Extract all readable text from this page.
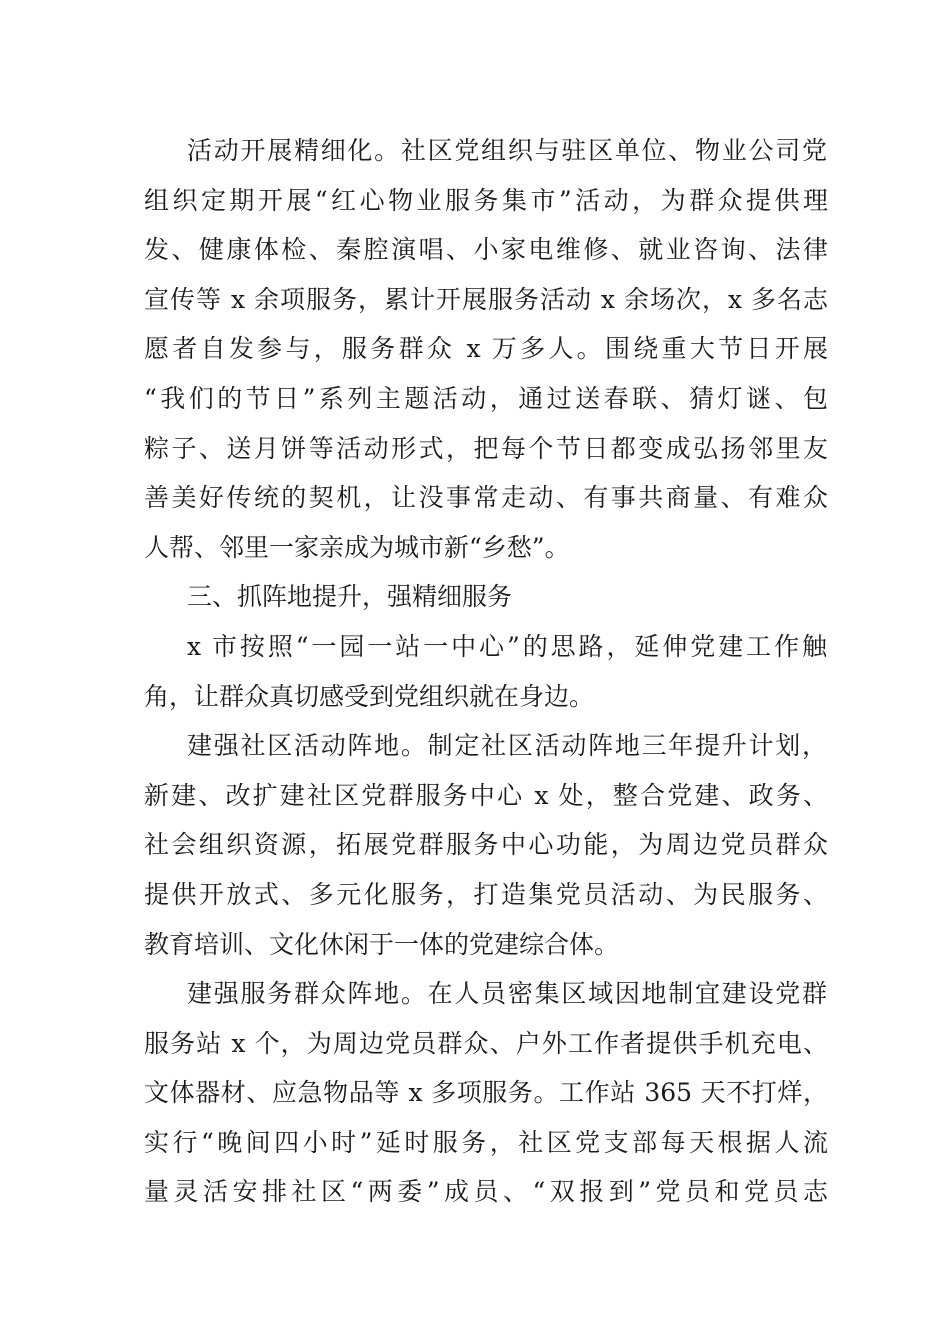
活动开展精细化。社区党组织与驻区单位、物业公司党
组织定期开展“红心物业服务集市”活动，为群众提供理
发、健康体检、秦腔演唱、小家电维修、就业咨询、法律
宣传等 x 余项服务，累计开展服务活动 x 余场次，x 多名志
愿者自发参与，服务群众 x 万多人。围绕重大节日开展
“我们的节日”系列主题活动，通过送春联、猜灯谜、包
粽子、送月饼等活动形式，把每个节日都变成弘扬邻里友
善美好传统的契机，让没事常走动、有事共商量、有难众
人帮、邻里一家亲成为城市新“乡愁”。
三、抓阵地提升，强精细服务
x 市按照“一园一站一中心”的思路，延伸党建工作触
角，让群众真切感受到党组织就在身边。
建强社区活动阵地。制定社区活动阵地三年提升计划，
新建、改扩建社区党群服务中心 x 处，整合党建、政务、
社会组织资源，拓展党群服务中心功能，为周边党员群众
提供开放式、多元化服务，打造集党员活动、为民服务、
教育培训、文化休闲于一体的党建综合体。
建强服务群众阵地。在人员密集区域因地制宜建设党群
服务站 x 个，为周边党员群众、户外工作者提供手机充电、
文体器材、应急物品等 x 多项服务。工作站 365 天不打烊，
实行“晚间四小时”延时服务，社区党支部每天根据人流
量灵活安排社区“两委”成员、“双报到”党员和党员志
